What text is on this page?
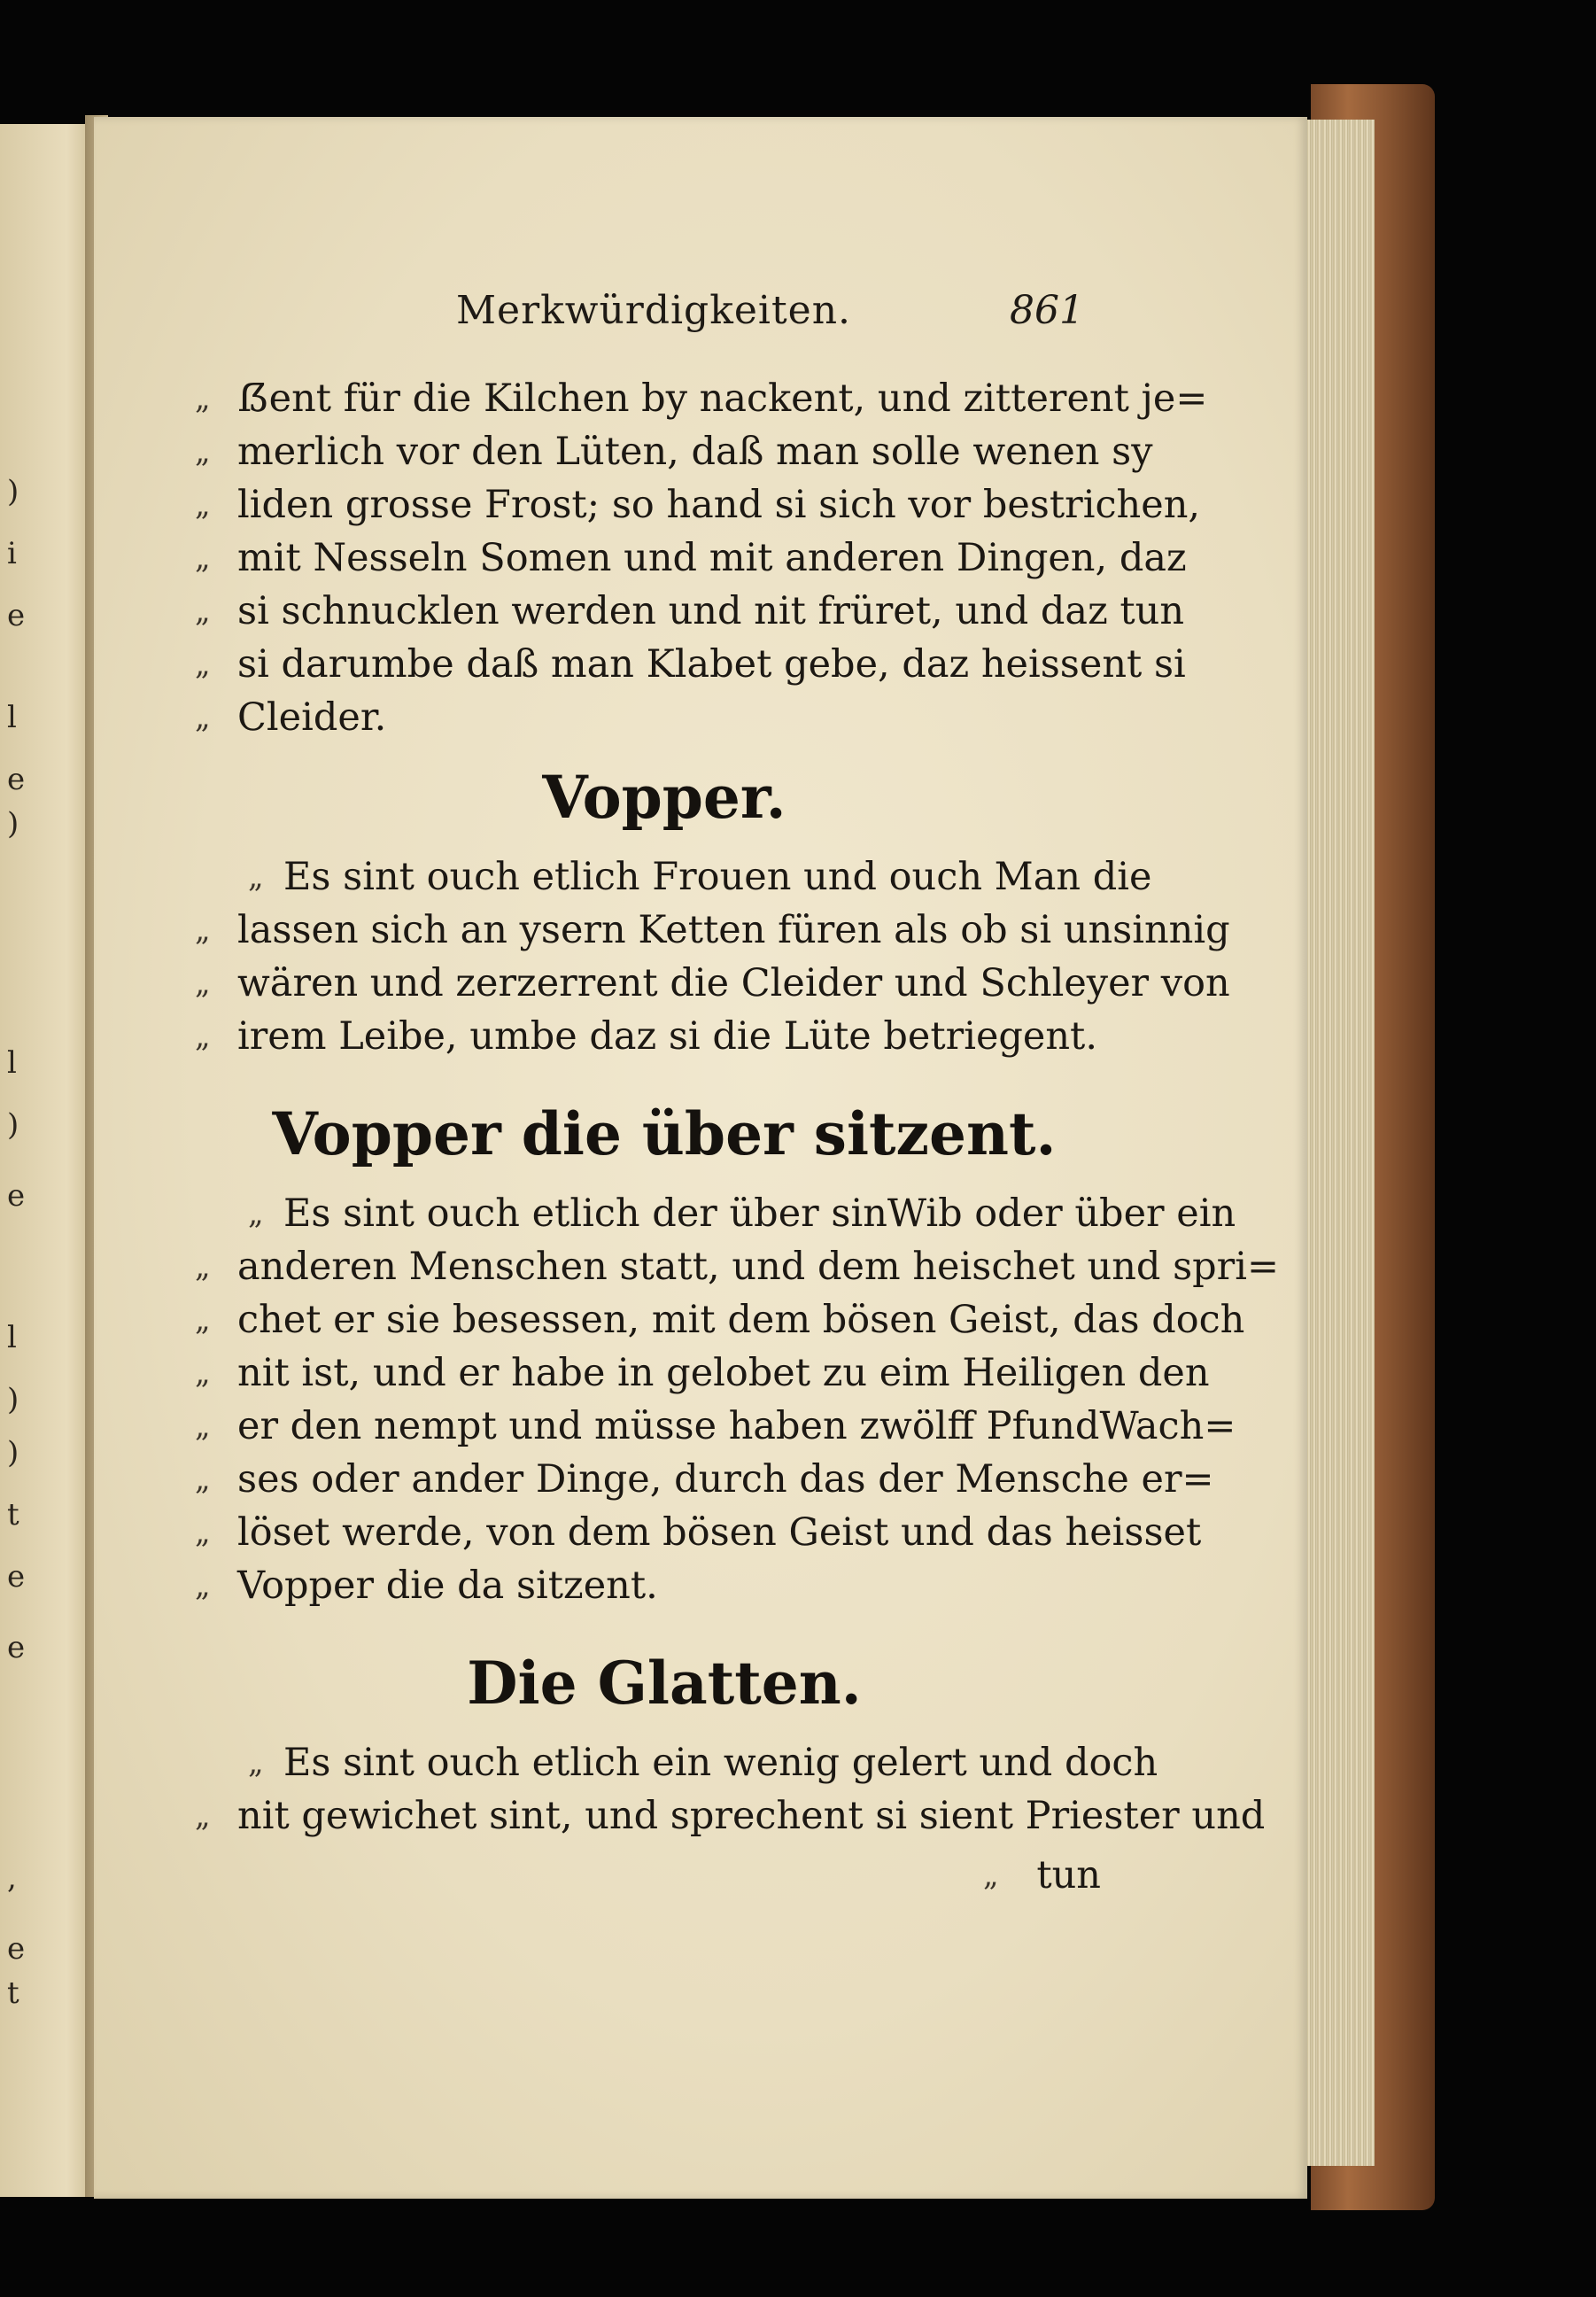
)
i
e
l
e
)
l
)
e
l
)
)
t
e
e
,
e
t
Merkwürdigkeiten.	861
„ ẞent für die Kilchen by nackent, und zitterent je=
„ merlich vor den Lüten, daß man solle wenen sy
„ liden grosse Frost; so hand si sich vor bestrichen,
„ mit Nesseln Somen und mit anderen Dingen, daz
„ si schnucklen werden und nit früret, und daz tun
„ si darumbe daß man Klabet gebe, daz heissent si
„ Cleider.
Vopper.
„ Es sint ouch etlich Frouen und ouch Man die
„ lassen sich an ysern Ketten füren als ob si unsinnig
„ wären und zerzerrent die Cleider und Schleyer von
„ irem Leibe, umbe daz si die Lüte betriegent.
Vopper die über sitzent.
„ Es sint ouch etlich der über sinWib oder über ein
„ anderen Menschen statt, und dem heischet und spri=
„ chet er sie besessen, mit dem bösen Geist, das doch
„ nit ist, und er habe in gelobet zu eim Heiligen den
„ er den nempt und müsse haben zwölff PfundWach=
„ ses oder ander Dinge, durch das der Mensche er=
„ löset werde, von dem bösen Geist und das heisset
„ Vopper die da sitzent.
Die Glatten.
„ Es sint ouch etlich ein wenig gelert und doch
„ nit gewichet sint, und sprechent si sient Priester und
„ tun
